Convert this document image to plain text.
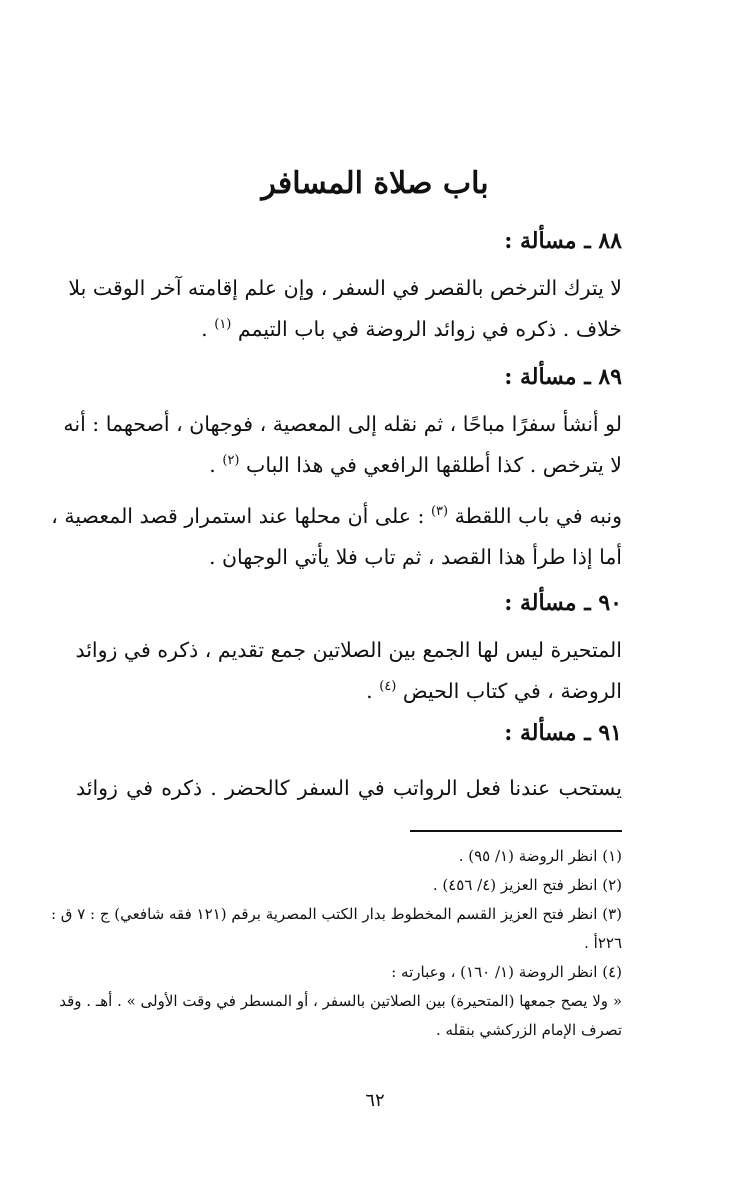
باب صلاة المسافر
٨٨ ـ مسألة :
لا يترك الترخص بالقصر في السفر ، وإن علم إقامته آخر الوقت بلا
خلاف . ذكره في زوائد الروضة في باب التيمم $^{(١)}$ .
٨٩ ـ مسألة :
لو أنشأ سفرًا مباحًا ، ثم نقله إلى المعصية ، فوجهان ، أصحهما : أنه
لا يترخص . كذا أطلقها الرافعي في هذا الباب $^{(٢)}$ .
ونبه في باب اللقطة $^{(٣)}$ : على أن محلها عند استمرار قصد المعصية ،
أما إذا طرأ هذا القصد ، ثم تاب فلا يأتي الوجهان .
٩٠ ـ مسألة :
المتحيرة ليس لها الجمع بين الصلاتين جمع تقديم ، ذكره في زوائد
الروضة ، في كتاب الحيض $^{(٤)}$ .
٩١ ـ مسألة :
يستحب عندنا فعل الرواتب في السفر كالحضر . ذكره في زوائد
(١) انظر الروضة (١/ ٩٥) .
(٢) انظر فتح العزيز (٤/ ٤٥٦) .
(٣) انظر فتح العزيز القسم المخطوط بدار الكتب المصرية برقم (١٢١ فقه شافعي) ج : ٧ ق :
٢٢٦أ .
(٤) انظر الروضة (١/ ١٦٠) ، وعبارته :
« ولا يصح جمعها (المتحيرة) بين الصلاتين بالسفر ، أو المسطر في وقت الأولى » . أهـ . وقد
تصرف الإمام الزركشي بنقله .
٦٢
